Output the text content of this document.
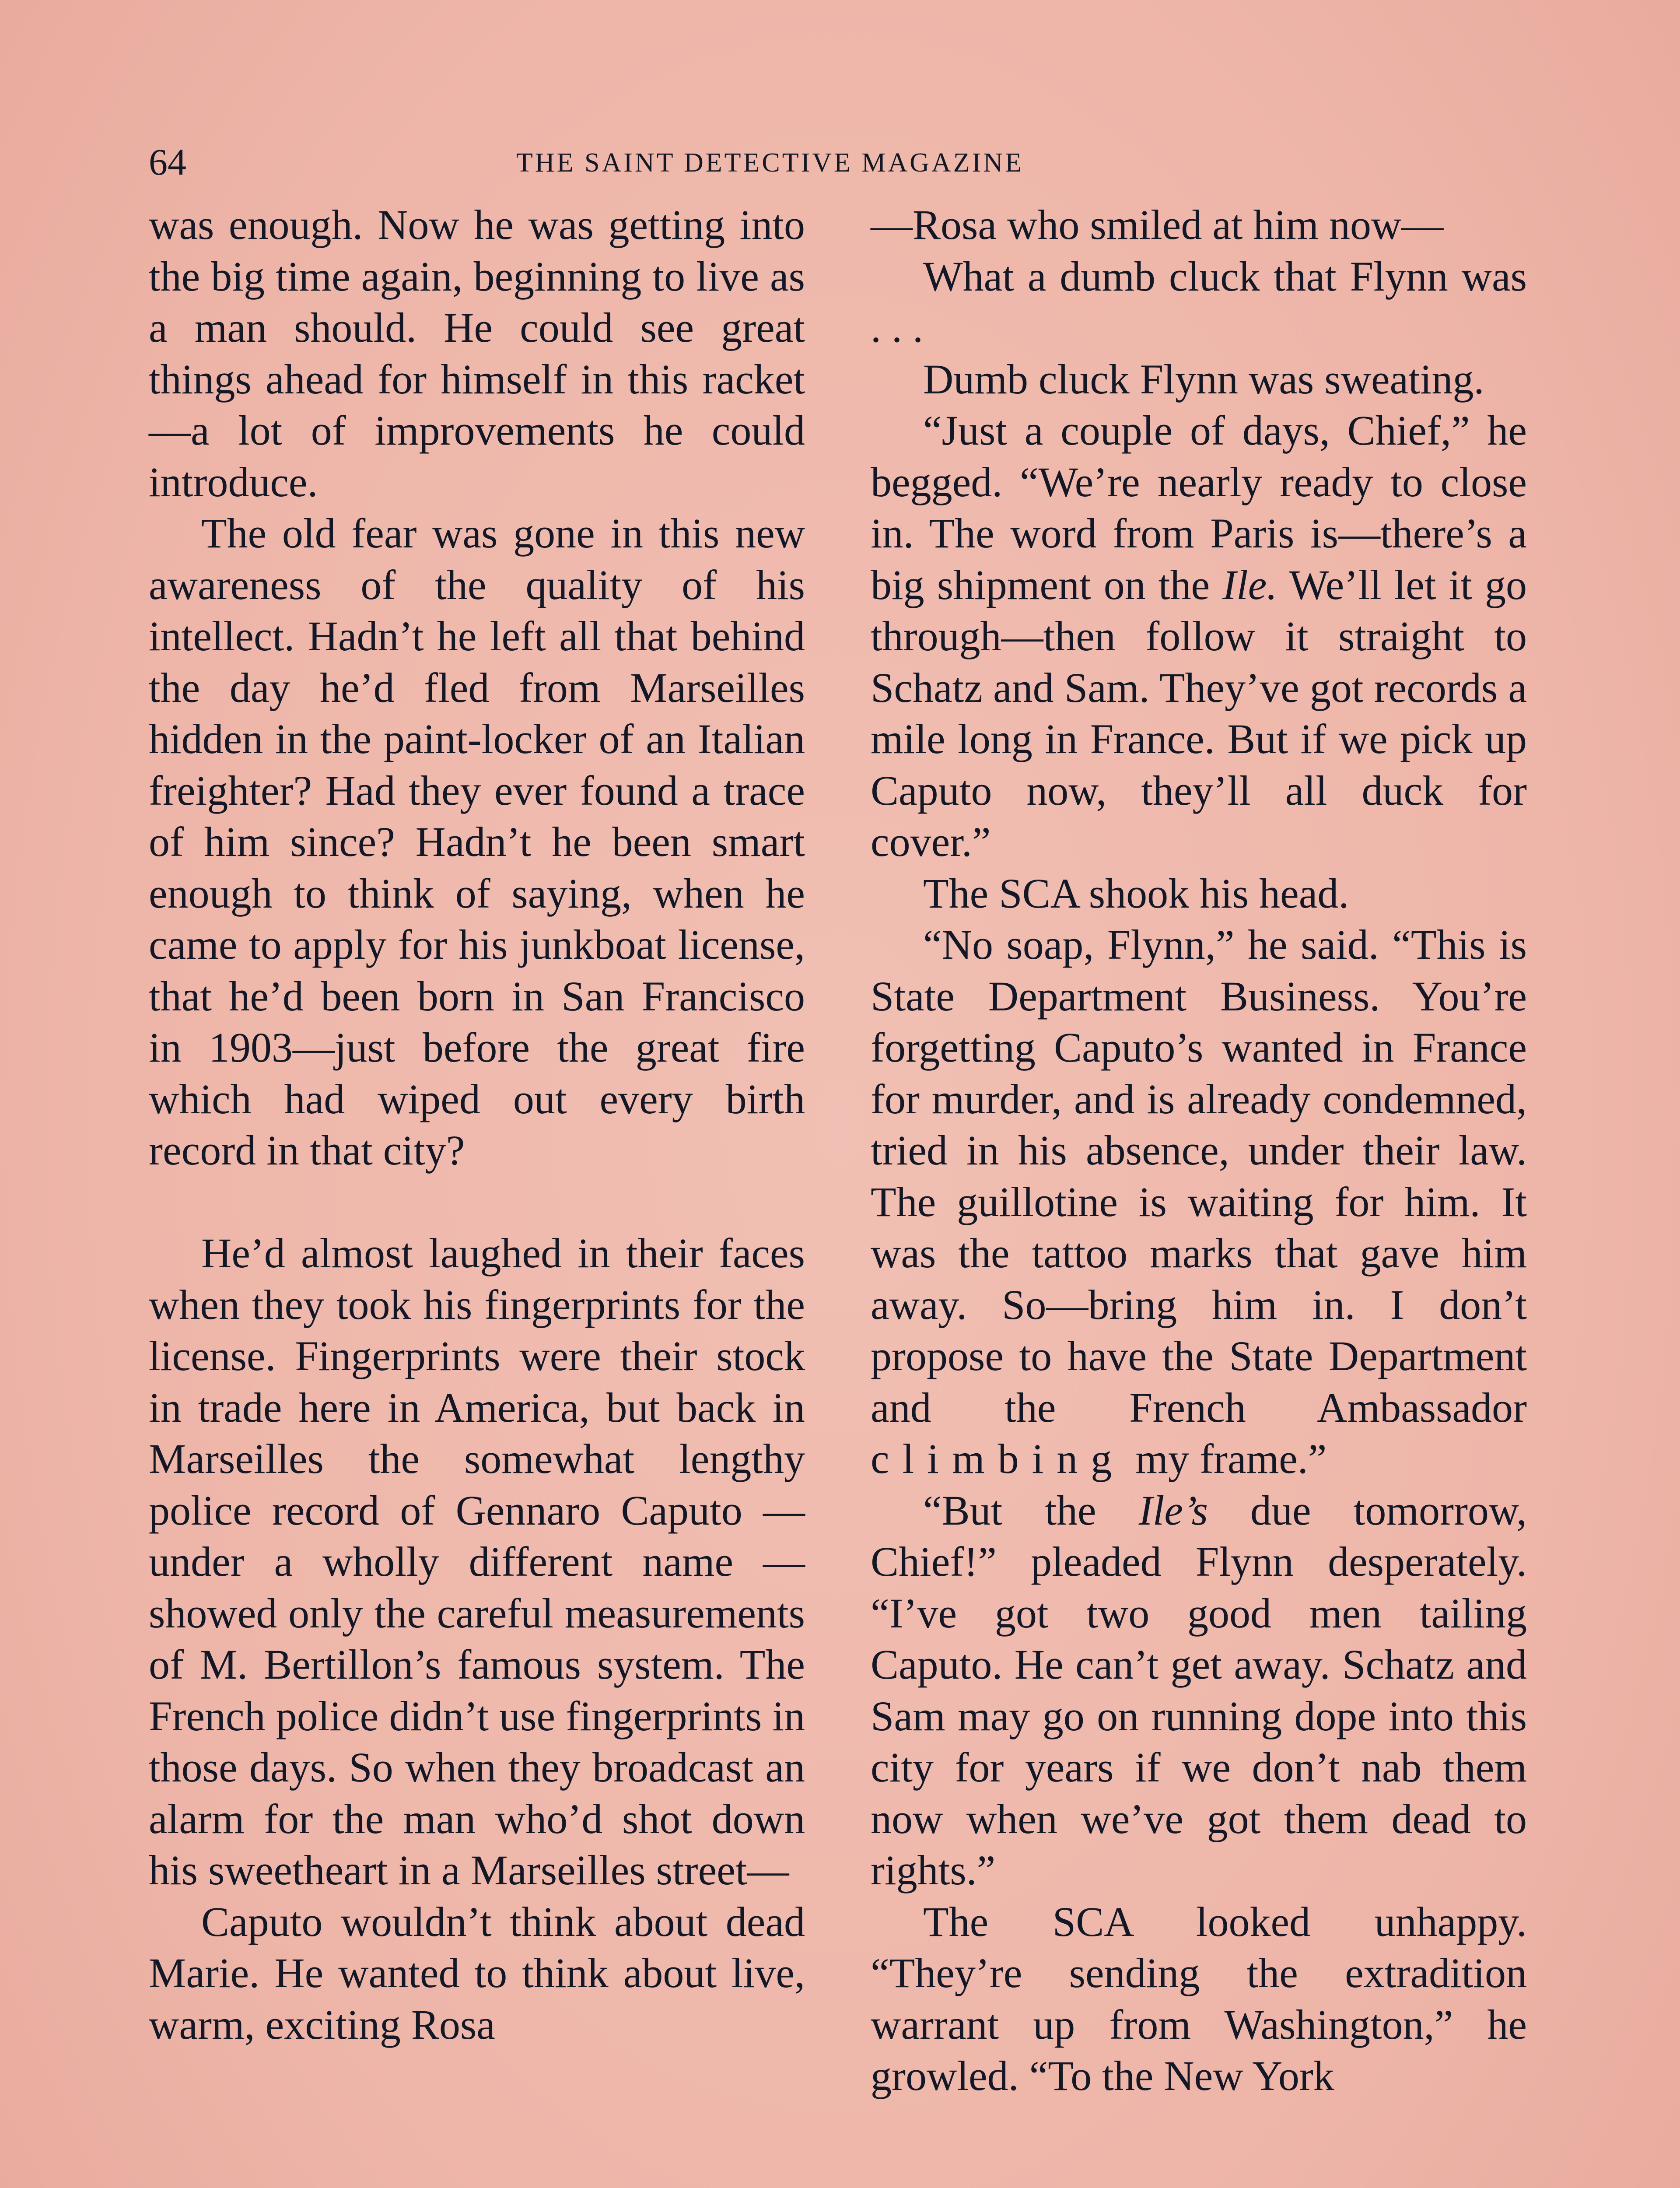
64	THE SAINT DETECTIVE MAGAZINE

was enough. Now he was getting into the big time again, beginning to live as a man should. He could see great things ahead for himself in this racket—a lot of improvements he could introduce.

The old fear was gone in this new awareness of the quality of his intellect. Hadn’t he left all that behind the day he’d fled from Marseilles hidden in the paint-locker of an Italian freighter? Had they ever found a trace of him since? Hadn’t he been smart enough to think of saying, when he came to apply for his junkboat license, that he’d been born in San Francisco in 1903—just before the great fire which had wiped out every birth record in that city?

He’d almost laughed in their faces when they took his fingerprints for the license. Fingerprints were their stock in trade here in America, but back in Marseilles the somewhat lengthy police record of Gennaro Caputo —under a wholly different name —showed only the careful measurements of M. Bertillon’s famous system. The French police didn’t use fingerprints in those days. So when they broadcast an alarm for the man who’d shot down his sweetheart in a Marseilles street—

Caputo wouldn’t think about dead Marie. He wanted to think about live, warm, exciting Rosa

—Rosa who smiled at him now—

What a dumb cluck that Flynn was . . .

Dumb cluck Flynn was sweating.

“Just a couple of days, Chief,” he begged. “We’re nearly ready to close in. The word from Paris is—there’s a big shipment on the Ile. We’ll let it go through—then follow it straight to Schatz and Sam. They’ve got records a mile long in France. But if we pick up Caputo now, they’ll all duck for cover.”

The SCA shook his head.

“No soap, Flynn,” he said. “This is State Department Business. You’re forgetting Caputo’s wanted in France for murder, and is already condemned, tried in his absence, under their law. The guillotine is waiting for him. It was the tattoo marks that gave him away. So—bring him in. I don’t propose to have the State Department and the French Ambassador climbing my frame.”

“But the Ile’s due tomorrow, Chief!” pleaded Flynn desperately. “I’ve got two good men tailing Caputo. He can’t get away. Schatz and Sam may go on running dope into this city for years if we don’t nab them now when we’ve got them dead to rights.”

The SCA looked unhappy. “They’re sending the extradition warrant up from Washington,” he growled. “To the New York
